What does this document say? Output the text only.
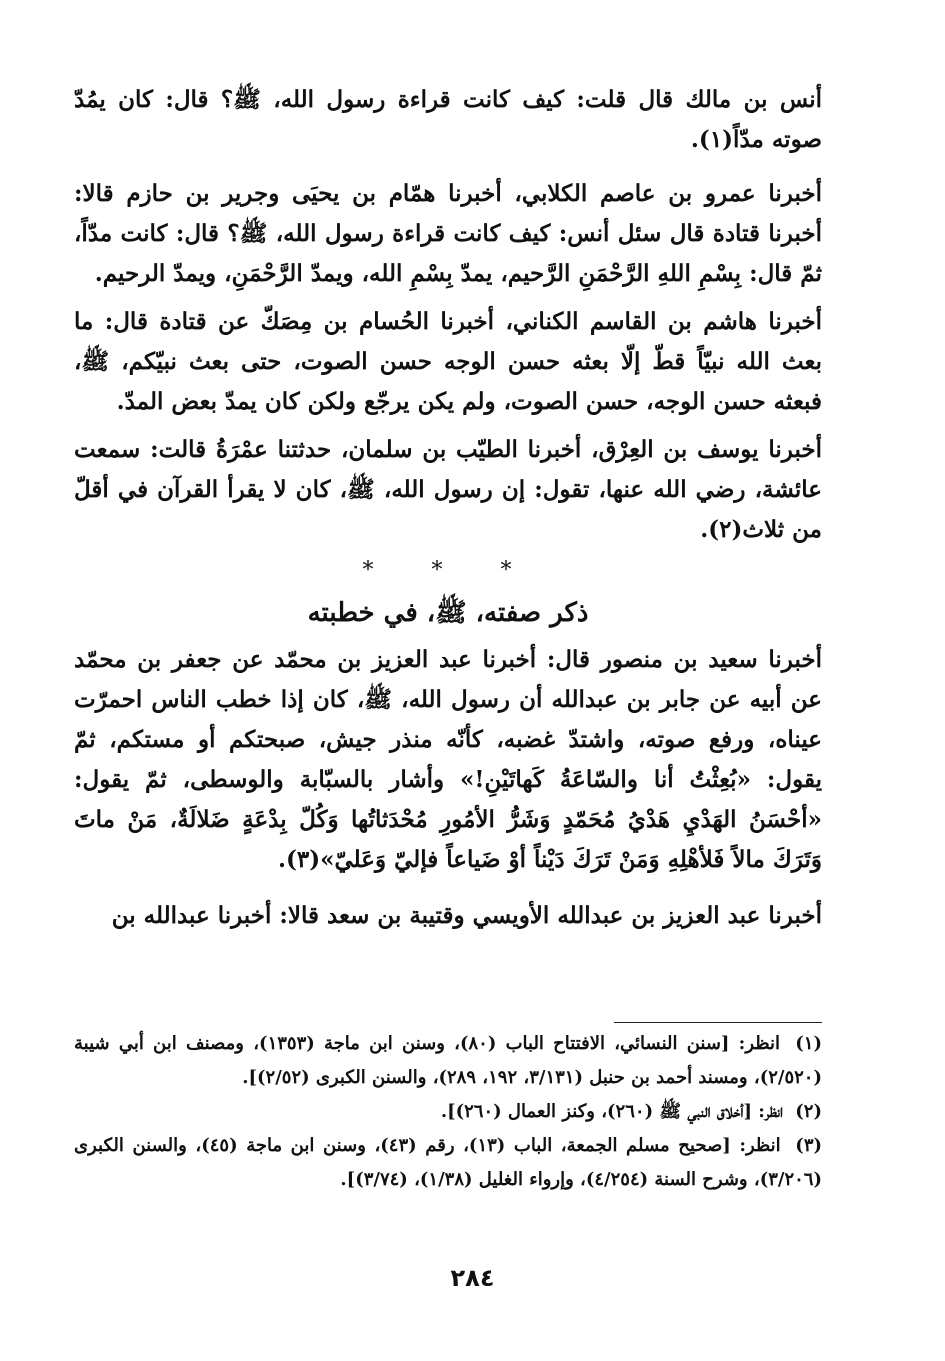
أنس بن مالك قال قلت: كيف كانت قراءة رسول الله، ﷺ؟ قال: كان يمُدّ صوته مدّاً(١).

أخبرنا عمرو بن عاصم الكلابي، أخبرنا همّام بن يحيَى وجرير بن حازم قالا: أخبرنا قتادة قال سئل أنس: كيف كانت قراءة رسول الله، ﷺ؟ قال: كانت مدّاً، ثمّ قال: بِسْمِ اللهِ الرَّحْمَنِ الرَّحيم، يمدّ بِسْمِ الله، ويمدّ الرَّحْمَنِ، ويمدّ الرحيم.

أخبرنا هاشم بن القاسم الكناني، أخبرنا الحُسام بن مِصَكّ عن قتادة قال: ما بعث الله نبيّاً قطّ إلّا بعثه حسن الوجه حسن الصوت، حتى بعث نبيّكم، ﷺ، فبعثه حسن الوجه، حسن الصوت، ولم يكن يرجّع ولكن كان يمدّ بعض المدّ.

أخبرنا يوسف بن العِرْق، أخبرنا الطيّب بن سلمان، حدثتنا عمْرَةُ قالت: سمعت عائشة، رضي الله عنها، تقول: إن رسول الله، ﷺ، كان لا يقرأ القرآن في أقلّ من ثلاث(٢).

* * *
ذكر صفته، ﷺ، في خطبته

أخبرنا سعيد بن منصور قال: أخبرنا عبد العزيز بن محمّد عن جعفر بن محمّد عن أبيه عن جابر بن عبدالله أن رسول الله، ﷺ، كان إذا خطب الناس احمرّت عيناه، ورفع صوته، واشتدّ غضبه، كأنّه منذر جيش، صبحتكم أو مستكم، ثمّ يقول: «بُعِثْتُ أنا والسّاعَةُ كَهاتَيْنِ!» وأشار بالسبّابة والوسطى، ثمّ يقول: «أحْسَنُ الهَدْيِ هَدْيُ مُحَمّدٍ وَشَرُّ الأمُورِ مُحْدَثاتُها وَكُلّ بِدْعَةٍ ضَلالَةٌ، مَنْ ماتَ وَتَرَكَ مالاً فَلأهْلِهِ وَمَنْ تَرَكَ دَيْناً أوْ ضَياعاً فإليّ وَعَليّ»(٣).

أخبرنا عبد العزيز بن عبدالله الأويسي وقتيبة بن سعد قالا: أخبرنا عبدالله بن

(١) انظر: [سنن النسائي، الافتتاح الباب (٨٠)، وسنن ابن ماجة (١٣٥٣)، ومصنف ابن أبي شيبة (٢/٥٢٠)، ومسند أحمد بن حنبل (٣/١٣١، ١٩٢، ٢٨٩)، والسنن الكبرى (٢/٥٢)].

(٢) انظر: [أخلاق النبي ﷺ (٢٦٠)، وكنز العمال (٢٦٠)].

(٣) انظر: [صحيح مسلم الجمعة، الباب (١٣)، رقم (٤٣)، وسنن ابن ماجة (٤٥)، والسنن الكبرى (٣/٢٠٦)، وشرح السنة (٤/٢٥٤)، وإرواء الغليل (١/٣٨)، (٣/٧٤)].

٢٨٤
